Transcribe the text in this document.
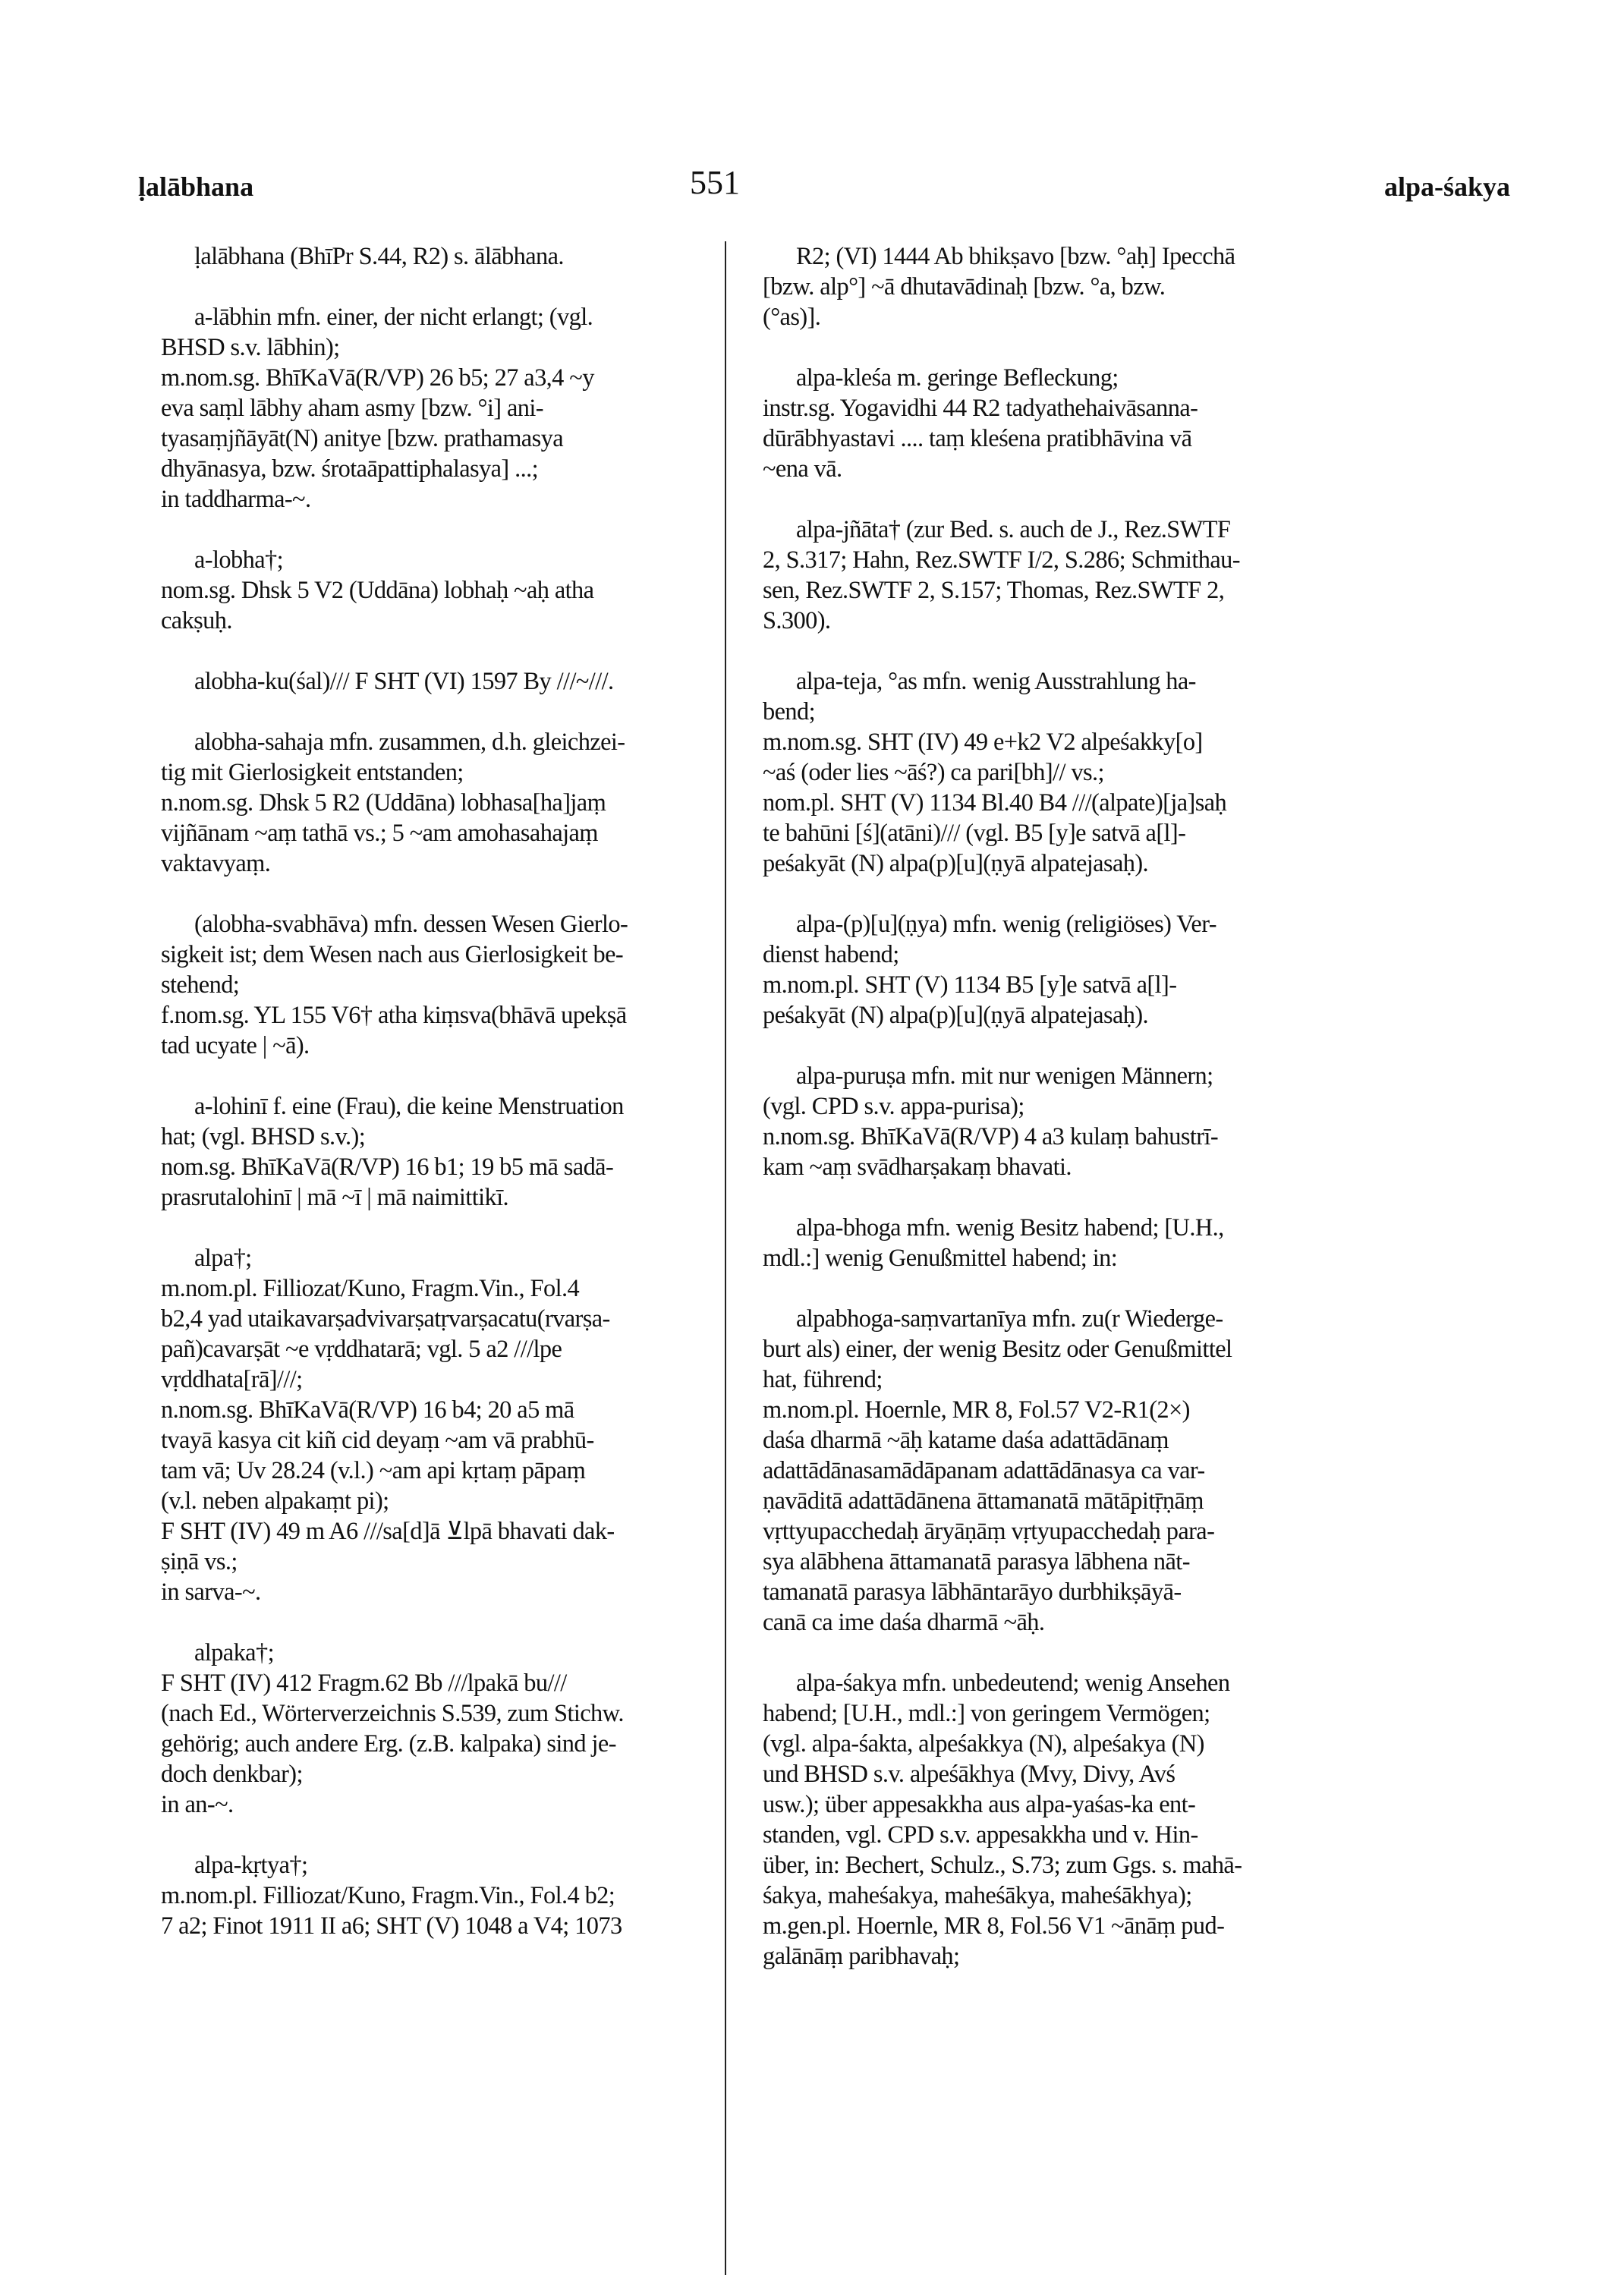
ḷalābhana	551	alpa-śakya
ḷalābhana (BhīPr S.44, R2) s. ālābhana.
a-lābhin mfn. einer, der nicht erlangt; (vgl.
BHSD s.v. lābhin);
m.nom.sg. BhīKaVā(R/VP) 26 b5; 27 a3,4 ~y
eva saṃl lābhy aham asmy [bzw. °i] ani-
tyasaṃjñāyāt(N) anitye [bzw. prathamasya
dhyānasya, bzw. śrotaāpattiphalasya] ...;
in taddharma-~.
a-lobha†;
nom.sg. Dhsk 5 V2 (Uddāna) lobhaḥ ~aḥ atha
cakṣuḥ.
alobha-ku(śal)/// F SHT (VI) 1597 By ///~///.
alobha-sahaja mfn. zusammen, d.h. gleichzei-
tig mit Gierlosigkeit entstanden;
n.nom.sg. Dhsk 5 R2 (Uddāna) lobhasa[ha]jaṃ
vijñānam ~aṃ tathā vs.; 5 ~am amohasahajaṃ
vaktavyaṃ.
(alobha-svabhāva) mfn. dessen Wesen Gierlo-
sigkeit ist; dem Wesen nach aus Gierlosigkeit be-
stehend;
f.nom.sg. YL 155 V6† atha kiṃsva(bhāvā upekṣā
tad ucyate | ~ā).
a-lohinī f. eine (Frau), die keine Menstruation
hat; (vgl. BHSD s.v.);
nom.sg. BhīKaVā(R/VP) 16 b1; 19 b5 mā sadā-
prasrutalohinī | mā ~ī | mā naimittikī.
alpa†;
m.nom.pl. Filliozat/Kuno, Fragm.Vin., Fol.4
b2,4 yad utaikavarṣadvivarṣatṛvarṣacatu(rvarṣa-
pañ)cavarṣāt ~e vṛddhatarā; vgl. 5 a2 ///lpe
vṛddhata[rā]///;
n.nom.sg. BhīKaVā(R/VP) 16 b4; 20 a5 mā
tvayā kasya cit kiñ cid deyaṃ ~am vā prabhū-
tam vā; Uv 28.24 (v.l.) ~am api kṛtaṃ pāpaṃ
(v.l. neben alpakaṃt pi);
F SHT (IV) 49 m A6 ///sa[d]ā ⊻lpā bhavati dak-
ṣiṇā vs.;
in sarva-~.
alpaka†;
F SHT (IV) 412 Fragm.62 Bb ///lpakā bu///
(nach Ed., Wörterverzeichnis S.539, zum Stichw.
gehörig; auch andere Erg. (z.B. kalpaka) sind je-
doch denkbar);
in an-~.
alpa-kṛtya†;
m.nom.pl. Filliozat/Kuno, Fragm.Vin., Fol.4 b2;
7 a2; Finot 1911 II a6; SHT (V) 1048 a V4; 1073
R2; (VI) 1444 Ab bhikṣavo [bzw. °aḥ] Ipecchā
[bzw. alp°] ~ā dhutavādinaḥ [bzw. °a, bzw.
(°as)].
alpa-kleśa m. geringe Befleckung;
instr.sg. Yogavidhi 44 R2 tadyathehaivāsanna-
dūrābhyastavi .... taṃ kleśena pratibhāvina vā
~ena vā.
alpa-jñāta† (zur Bed. s. auch de J., Rez.SWTF
2, S.317; Hahn, Rez.SWTF I/2, S.286; Schmithau-
sen, Rez.SWTF 2, S.157; Thomas, Rez.SWTF 2,
S.300).
alpa-teja, °as mfn. wenig Ausstrahlung ha-
bend;
m.nom.sg. SHT (IV) 49 e+k2 V2 alpeśakky[o]
~aś (oder lies ~āś?) ca pari[bh]// vs.;
nom.pl. SHT (V) 1134 Bl.40 B4 ///(alpate)[ja]saḥ
te bahūni [ś](atāni)/// (vgl. B5 [y]e satvā a[l]-
peśakyāt (N) alpa(p)[u](ṇyā alpatejasaḥ).
alpa-(p)[u](ṇya) mfn. wenig (religiöses) Ver-
dienst habend;
m.nom.pl. SHT (V) 1134 B5 [y]e satvā a[l]-
peśakyāt (N) alpa(p)[u](ṇyā alpatejasaḥ).
alpa-puruṣa mfn. mit nur wenigen Männern;
(vgl. CPD s.v. appa-purisa);
n.nom.sg. BhīKaVā(R/VP) 4 a3 kulaṃ bahustrī-
kam ~aṃ svādharṣakaṃ bhavati.
alpa-bhoga mfn. wenig Besitz habend; [U.H.,
mdl.:] wenig Genußmittel habend; in:
alpabhoga-saṃvartanīya mfn. zu(r Wiederge-
burt als) einer, der wenig Besitz oder Genußmittel
hat, führend;
m.nom.pl. Hoernle, MR 8, Fol.57 V2-R1(2×)
daśa dharmā ~āḥ katame daśa adattādānaṃ
adattādānasamādāpanam adattādānasya ca var-
ṇavāditā adattādānena āttamanatā mātāpitṝṇāṃ
vṛttyupacchedaḥ āryāṇāṃ vṛtyupacchedaḥ para-
sya alābhena āttamanatā parasya lābhena nāt-
tamanatā parasya lābhāntarāyo durbhikṣāyā-
canā ca ime daśa dharmā ~āḥ.
alpa-śakya mfn. unbedeutend; wenig Ansehen
habend; [U.H., mdl.:] von geringem Vermögen;
(vgl. alpa-śakta, alpeśakkya (N), alpeśakya (N)
und BHSD s.v. alpeśākhya (Mvy, Divy, Avś
usw.); über appesakkha aus alpa-yaśas-ka ent-
standen, vgl. CPD s.v. appesakkha und v. Hin-
über, in: Bechert, Schulz., S.73; zum Ggs. s. mahā-
śakya, maheśakya, maheśākya, maheśākhya);
m.gen.pl. Hoernle, MR 8, Fol.56 V1 ~ānāṃ pud-
galānāṃ paribhavaḥ;
